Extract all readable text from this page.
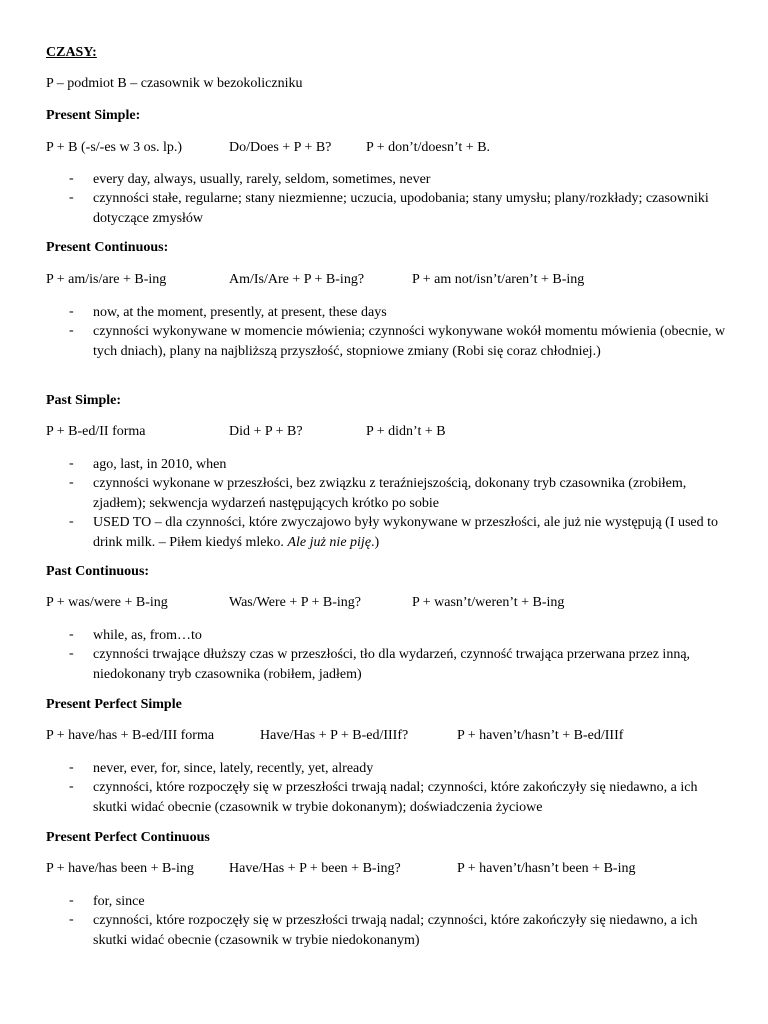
CZASY:
P – podmiot B – czasownik w bezokoliczniku
Present Simple:
P + B (-s/-es w 3 os. lp.)	Do/Does + P + B? P + don’t/doesn’t + B.
- every day, always, usually, rarely, seldom, sometimes, never
- czynności stałe, regularne; stany niezmienne; uczucia, upodobania; stany umysłu; plany/rozkłady; czasowniki dotyczące zmysłów
Present Continuous:
P + am/is/are + B-ing	Am/Is/Are + P + B-ing?	P + am not/isn’t/aren’t + B-ing
- now, at the moment, presently, at present, these days
- czynności wykonywane w momencie mówienia; czynności wykonywane wokół momentu mówienia (obecnie, w tych dniach), plany na najbliższą przyszłość, stopniowe zmiany (Robi się coraz chłodniej.)
Past Simple:
P + B-ed/II forma	Did + P + B?	P + didn’t + B
- ago, last, in 2010, when
- czynności wykonane w przeszłości, bez związku z teraźniejszością, dokonany tryb czasownika (zrobiłem, zjadłem); sekwencja wydarzeń następujących krótko po sobie
- USED TO – dla czynności, które zwyczajowo były wykonywane w przeszłości, ale już nie występują (I used to drink milk. – Piłem kiedyś mleko. Ale już nie piję.)
Past Continuous:
P + was/were + B-ing	Was/Were + P + B-ing?	P + wasn’t/weren’t + B-ing
- while, as, from…to
- czynności trwające dłuższy czas w przeszłości, tło dla wydarzeń, czynność trwająca przerwana przez inną, niedokonany tryb czasownika (robiłem, jadłem)
Present Perfect Simple
P + have/has + B-ed/III forma	Have/Has + P + B-ed/IIIf?	P + haven’t/hasn’t + B-ed/IIIf
- never, ever, for, since, lately, recently, yet, already
- czynności, które rozpoczęły się w przeszłości trwają nadal; czynności, które zakończyły się niedawno, a ich skutki widać obecnie (czasownik w trybie dokonanym); doświadczenia życiowe
Present Perfect Continuous
P + have/has been + B-ing	Have/Has + P + been + B-ing?	P + haven’t/hasn’t been + B-ing
- for, since
- czynności, które rozpoczęły się w przeszłości trwają nadal; czynności, które zakończyły się niedawno, a ich skutki widać obecnie (czasownik w trybie niedokonanym)
